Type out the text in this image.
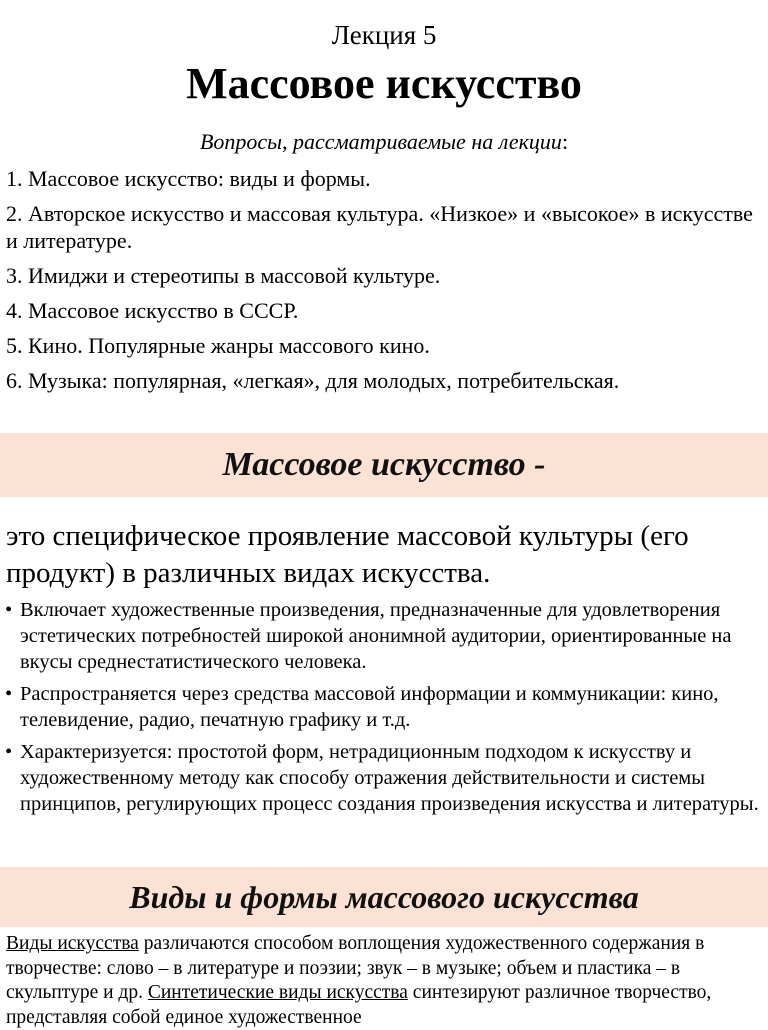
Лекция 5
Массовое искусство
Вопросы, рассматриваемые на лекции:
1. Массовое искусство: виды и формы.
2. Авторское искусство и массовая культура. «Низкое» и «высокое» в искусстве и литературе.
3. Имиджи и стереотипы в массовой культуре.
4. Массовое искусство в СССР.
5. Кино. Популярные жанры массового кино.
6. Музыка: популярная, «легкая», для молодых, потребительская.
Массовое искусство -
это специфическое проявление массовой культуры (его продукт) в различных видах искусства.
• Включает художественные произведения, предназначенные для удовлетворения эстетических потребностей широкой анонимной аудитории, ориентированные на вкусы среднестатистического человека.
• Распространяется через средства массовой информации и коммуникации: кино, телевидение, радио, печатную графику и т.д.
• Характеризуется: простотой форм, нетрадиционным подходом к искусству и художественному методу как способу отражения действительности и системы принципов, регулирующих процесс создания произведения искусства и литературы.
Виды и формы массового искусства
Виды искусства различаются способом воплощения художественного содержания в творчестве: слово – в литературе и поэзии; звук – в музыке; объем и пластика – в скульптуре и др. Синтетические виды искусства синтезируют различное творчество, представляя собой единое художественное
